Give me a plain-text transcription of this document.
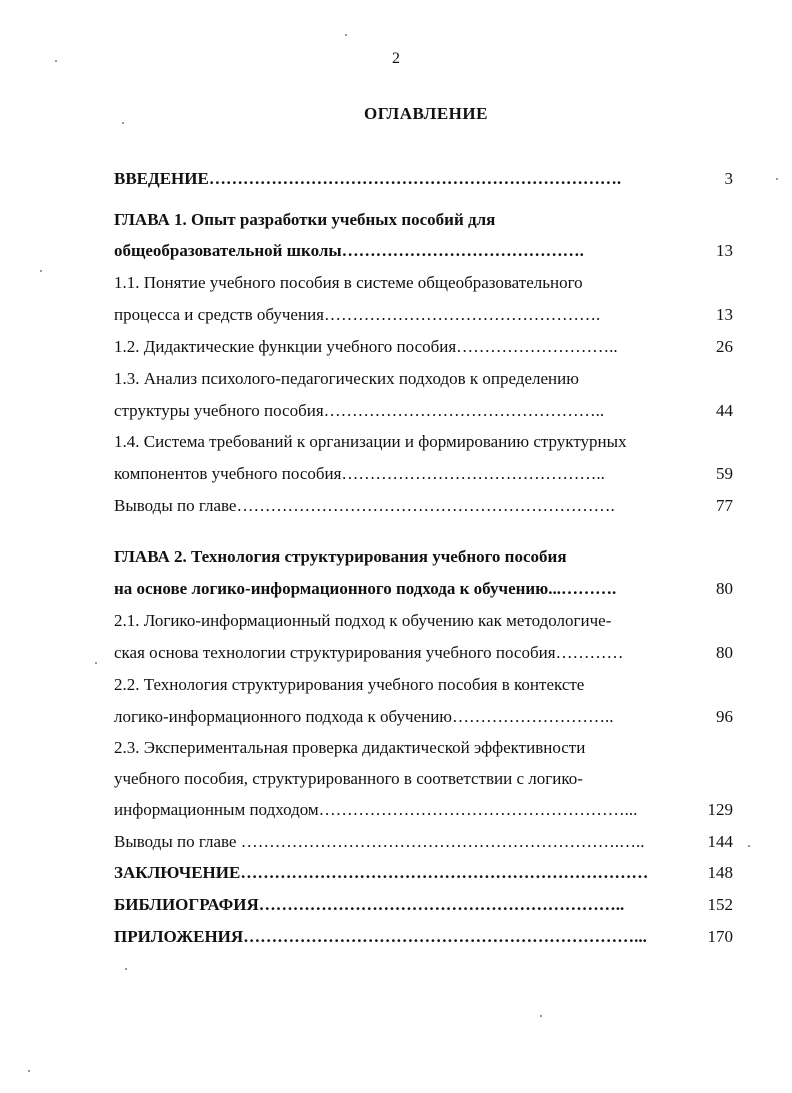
2
ОГЛАВЛЕНИЕ
ВВЕДЕНИЕ……………………………………………………………….	3
ГЛАВА 1. Опыт разработки учебных пособий для
общеобразовательной школы…………………………………….	13
1.1. Понятие учебного пособия в системе общеобразовательного
процесса и средств обучения………………………………………….	13
1.2. Дидактические функции учебного пособия………………………..	26
1.3. Анализ психолого-педагогических подходов к определению
структуры учебного пособия…………………………………………..	44
1.4. Система требований к организации и формированию структурных
компонентов учебного пособия………………………………………..	59
Выводы по главе………………………………………………………….	77
ГЛАВА 2. Технология структурирования учебного пособия
на основе логико-информационного подхода к обучению...……….	80
2.1. Логико-информационный подход к обучению как методологиче-
ская основа технологии структурирования учебного пособия…………	80
2.2. Технология структурирования учебного пособия в контексте
логико-информационного подхода к обучению………………………..	96
2.3. Экспериментальная проверка дидактической эффективности
учебного пособия, структурированного в соответствии с логико-
информационным подходом………………………………………………...	129
Выводы по главе ………………………………………………………….…..	144
ЗАКЛЮЧЕНИЕ………………………………………………………………	148
БИБЛИОГРАФИЯ………………………………………………………..	152
ПРИЛОЖЕНИЯ……………………………………………………………...	170
